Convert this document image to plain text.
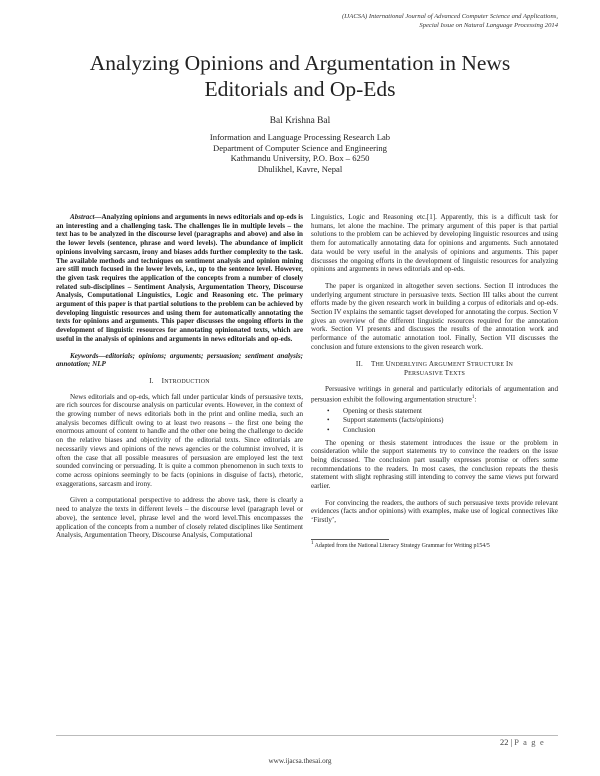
(IJACSA) International Journal of Advanced Computer Science and Applications,
Special Issue on Natural Language Processing 2014
Analyzing Opinions and Argumentation in News
Editorials and Op-Eds
Bal Krishna Bal
Information and Language Processing Research Lab
Department of Computer Science and Engineering
Kathmandu University, P.O. Box – 6250
Dhulikhel, Kavre, Nepal

Abstract—Analyzing opinions and arguments in news editorials and op-eds is an interesting and a challenging task. The challenges lie in multiple levels – the text has to be analyzed in the discourse level (paragraphs and above) and also in the lower levels (sentence, phrase and word levels). The abundance of implicit opinions involving sarcasm, irony and biases adds further complexity to the task. The available methods and techniques on sentiment analysis and opinion mining are still much focused in the lower levels, i.e., up to the sentence level. However, the given task requires the application of the concepts from a number of closely related sub-disciplines – Sentiment Analysis, Argumentation Theory, Discourse Analysis, Computational Linguistics, Logic and Reasoning etc. The primary argument of this paper is that partial solutions to the problem can be achieved by developing linguistic resources and using them for automatically annotating the texts for opinions and arguments. This paper discusses the ongoing efforts in the development of linguistic resources for annotating opinionated texts, which are useful in the analysis of opinions and arguments in news editorials and op-eds.

Keywords—editorials; opinions; arguments; persuasion; sentiment analysis; annotation; NLP

I. INTRODUCTION

News editorials and op-eds, which fall under particular kinds of persuasive texts, are rich sources for discourse analysis on particular events. However, in the context of the growing number of news editorials both in the print and online media, such an analysis becomes difficult owing to at least two reasons – the first one being the enormous amount of content to handle and the other one being the challenge to decide on the relative biases and objectivity of the editorial texts. Since editorials are necessarily views and opinions of the news agencies or the columnist involved, it is often the case that all possible measures of persuasion are employed lest the text sounded convincing or persuading. It is quite a common phenomenon in such texts to come across opinions seemingly to be facts (opinions in disguise of facts), rhetoric, exaggerations, sarcasm and irony.

Given a computational perspective to address the above task, there is clearly a need to analyze the texts in different levels – the discourse level (paragraph level or above), the sentence level, phrase level and the word level.This encompasses the application of the concepts from a number of closely related disciplines like Sentiment Analysis, Argumentation Theory, Discourse Analysis, Computational

Linguistics, Logic and Reasoning etc.[1]. Apparently, this is a difficult task for humans, let alone the machine. The primary argument of this paper is that partial solutions to the problem can be achieved by developing linguistic resources and using them for automatically annotating data for opinions and arguments. Such annotated data would be very useful in the analysis of opinions and arguments. This paper discusses the ongoing efforts in the development of linguistic resources for analyzing opinions and arguments in news editorials and op-eds.

The paper is organized in altogether seven sections. Section II introduces the underlying argument structure in persuasive texts. Section III talks about the current efforts made by the given research work in building a corpus of editorials and op-eds. Section IV explains the semantic tagset developed for annotating the corpus. Section V gives an overview of the different linguistic resources required for the annotation work. Section VI presents and discusses the results of the annotation work and performance of the automatic annotation tool. Finally, Section VII discusses the conclusion and future extensions to the given research work.

II. THE UNDERLYING ARGUMENT STRUCTURE IN
PERSUASIVE TEXTS

Persuasive writings in general and particularly editorials of argumentation and persuasion exhibit the following argumentation structure$^1$:

• Opening or thesis statement
• Support statements (facts/opinions)
• Conclusion

The opening or thesis statement introduces the issue or the problem in consideration while the support statements try to convince the readers on the issue being discussed. The conclusion part usually expresses promise or offers some recommendations to the readers. In most cases, the conclusion repeats the thesis statement with slight rephrasing still intending to convey the same views put forward earlier.

For convincing the readers, the authors of such persuasive texts provide relevant evidences (facts and\or opinions) with examples, make use of logical connectives like ‘Firstly’,

$^1$ Adapted from the National Literacy Strategy Grammar for Writing p154/5

22 | P a g e
www.ijacsa.thesai.org
